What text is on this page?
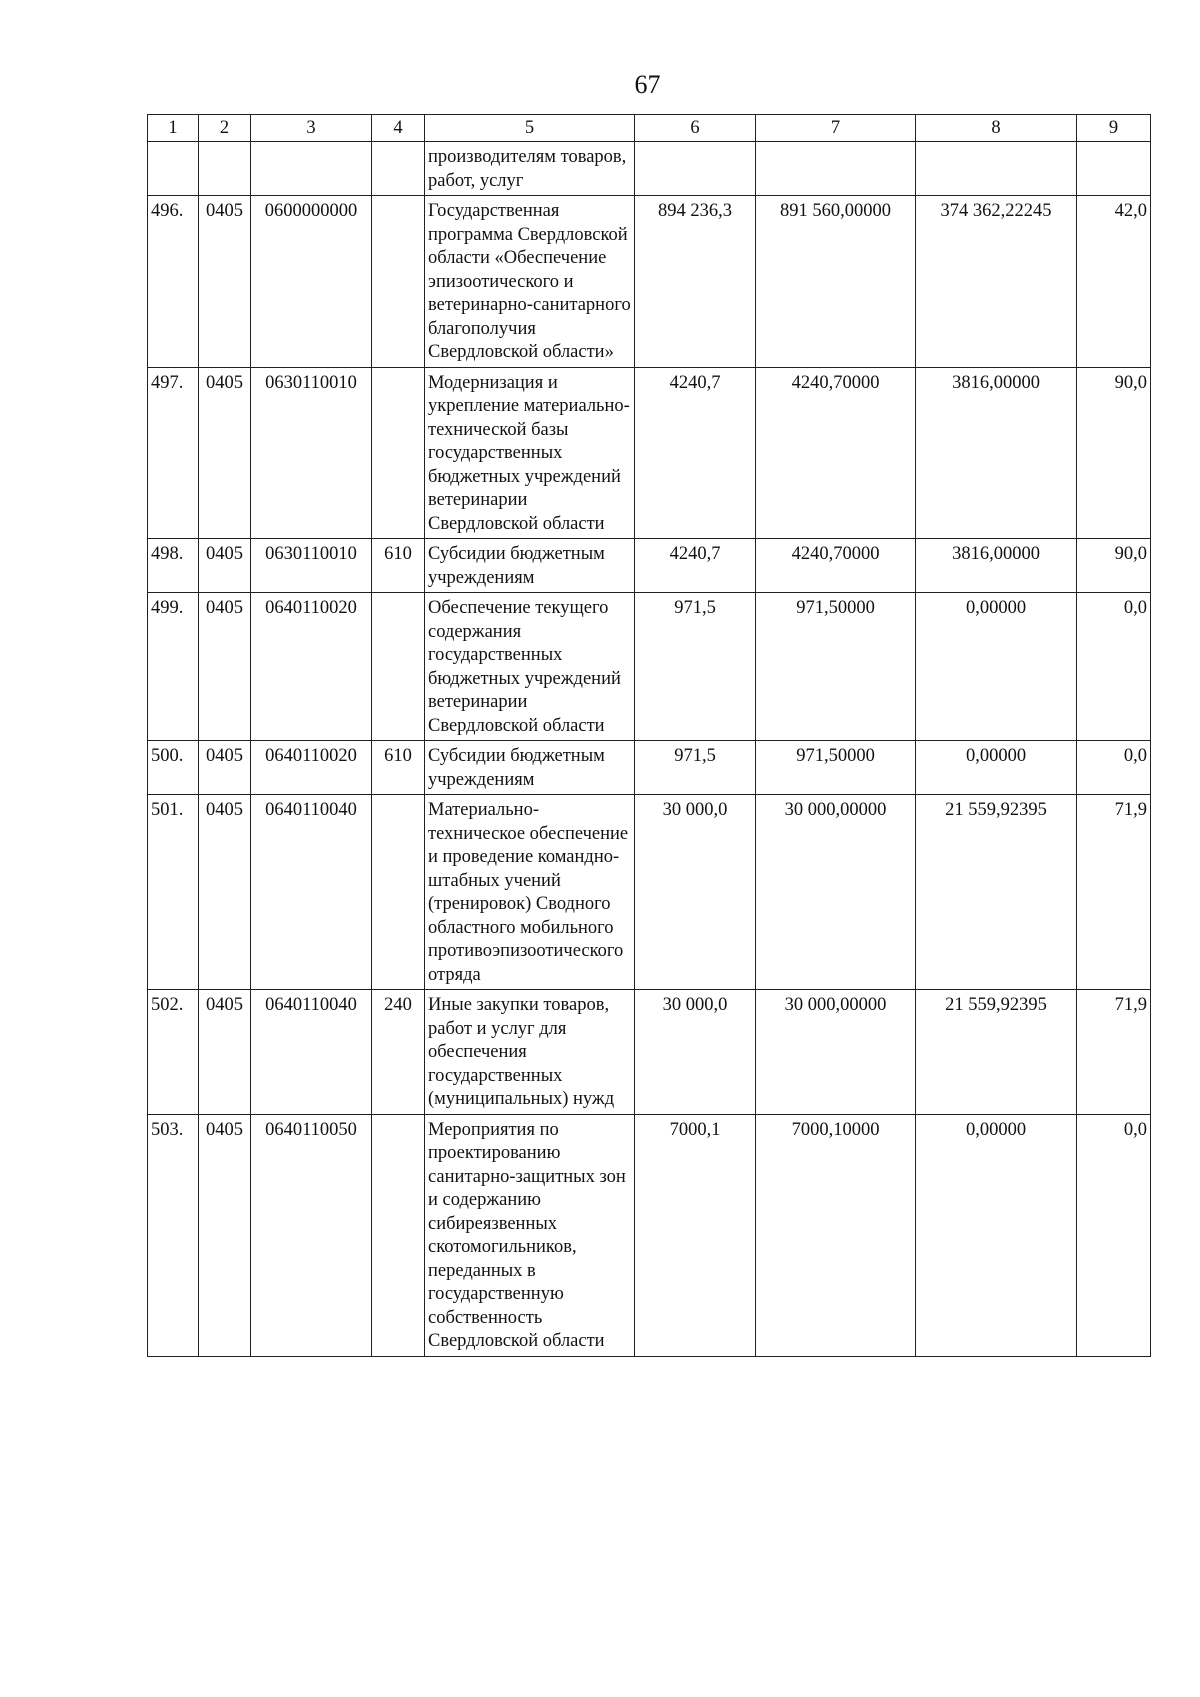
67
1	2	3	4	5	6	7	8	9
				производителям товаров, работ, услуг				
496.	0405	0600000000		Государственная программа Свердловской области «Обеспечение эпизоотического и ветеринарно-санитарного благополучия Свердловской области»	894 236,3	891 560,00000	374 362,22245	42,0
497.	0405	0630110010		Модернизация и укрепление материально-технической базы государственных бюджетных учреждений ветеринарии Свердловской области	4240,7	4240,70000	3816,00000	90,0
498.	0405	0630110010	610	Субсидии бюджетным учреждениям	4240,7	4240,70000	3816,00000	90,0
499.	0405	0640110020		Обеспечение текущего содержания государственных бюджетных учреждений ветеринарии Свердловской области	971,5	971,50000	0,00000	0,0
500.	0405	0640110020	610	Субсидии бюджетным учреждениям	971,5	971,50000	0,00000	0,0
501.	0405	0640110040		Материально-техническое обеспечение и проведение командно-штабных учений (тренировок) Сводного областного мобильного противоэпизоотического отряда	30 000,0	30 000,00000	21 559,92395	71,9
502.	0405	0640110040	240	Иные закупки товаров, работ и услуг для обеспечения государственных (муниципальных) нужд	30 000,0	30 000,00000	21 559,92395	71,9
503.	0405	0640110050		Мероприятия по проектированию санитарно-защитных зон и содержанию сибиреязвенных скотомогильников, переданных в государственную собственность Свердловской области	7000,1	7000,10000	0,00000	0,0
